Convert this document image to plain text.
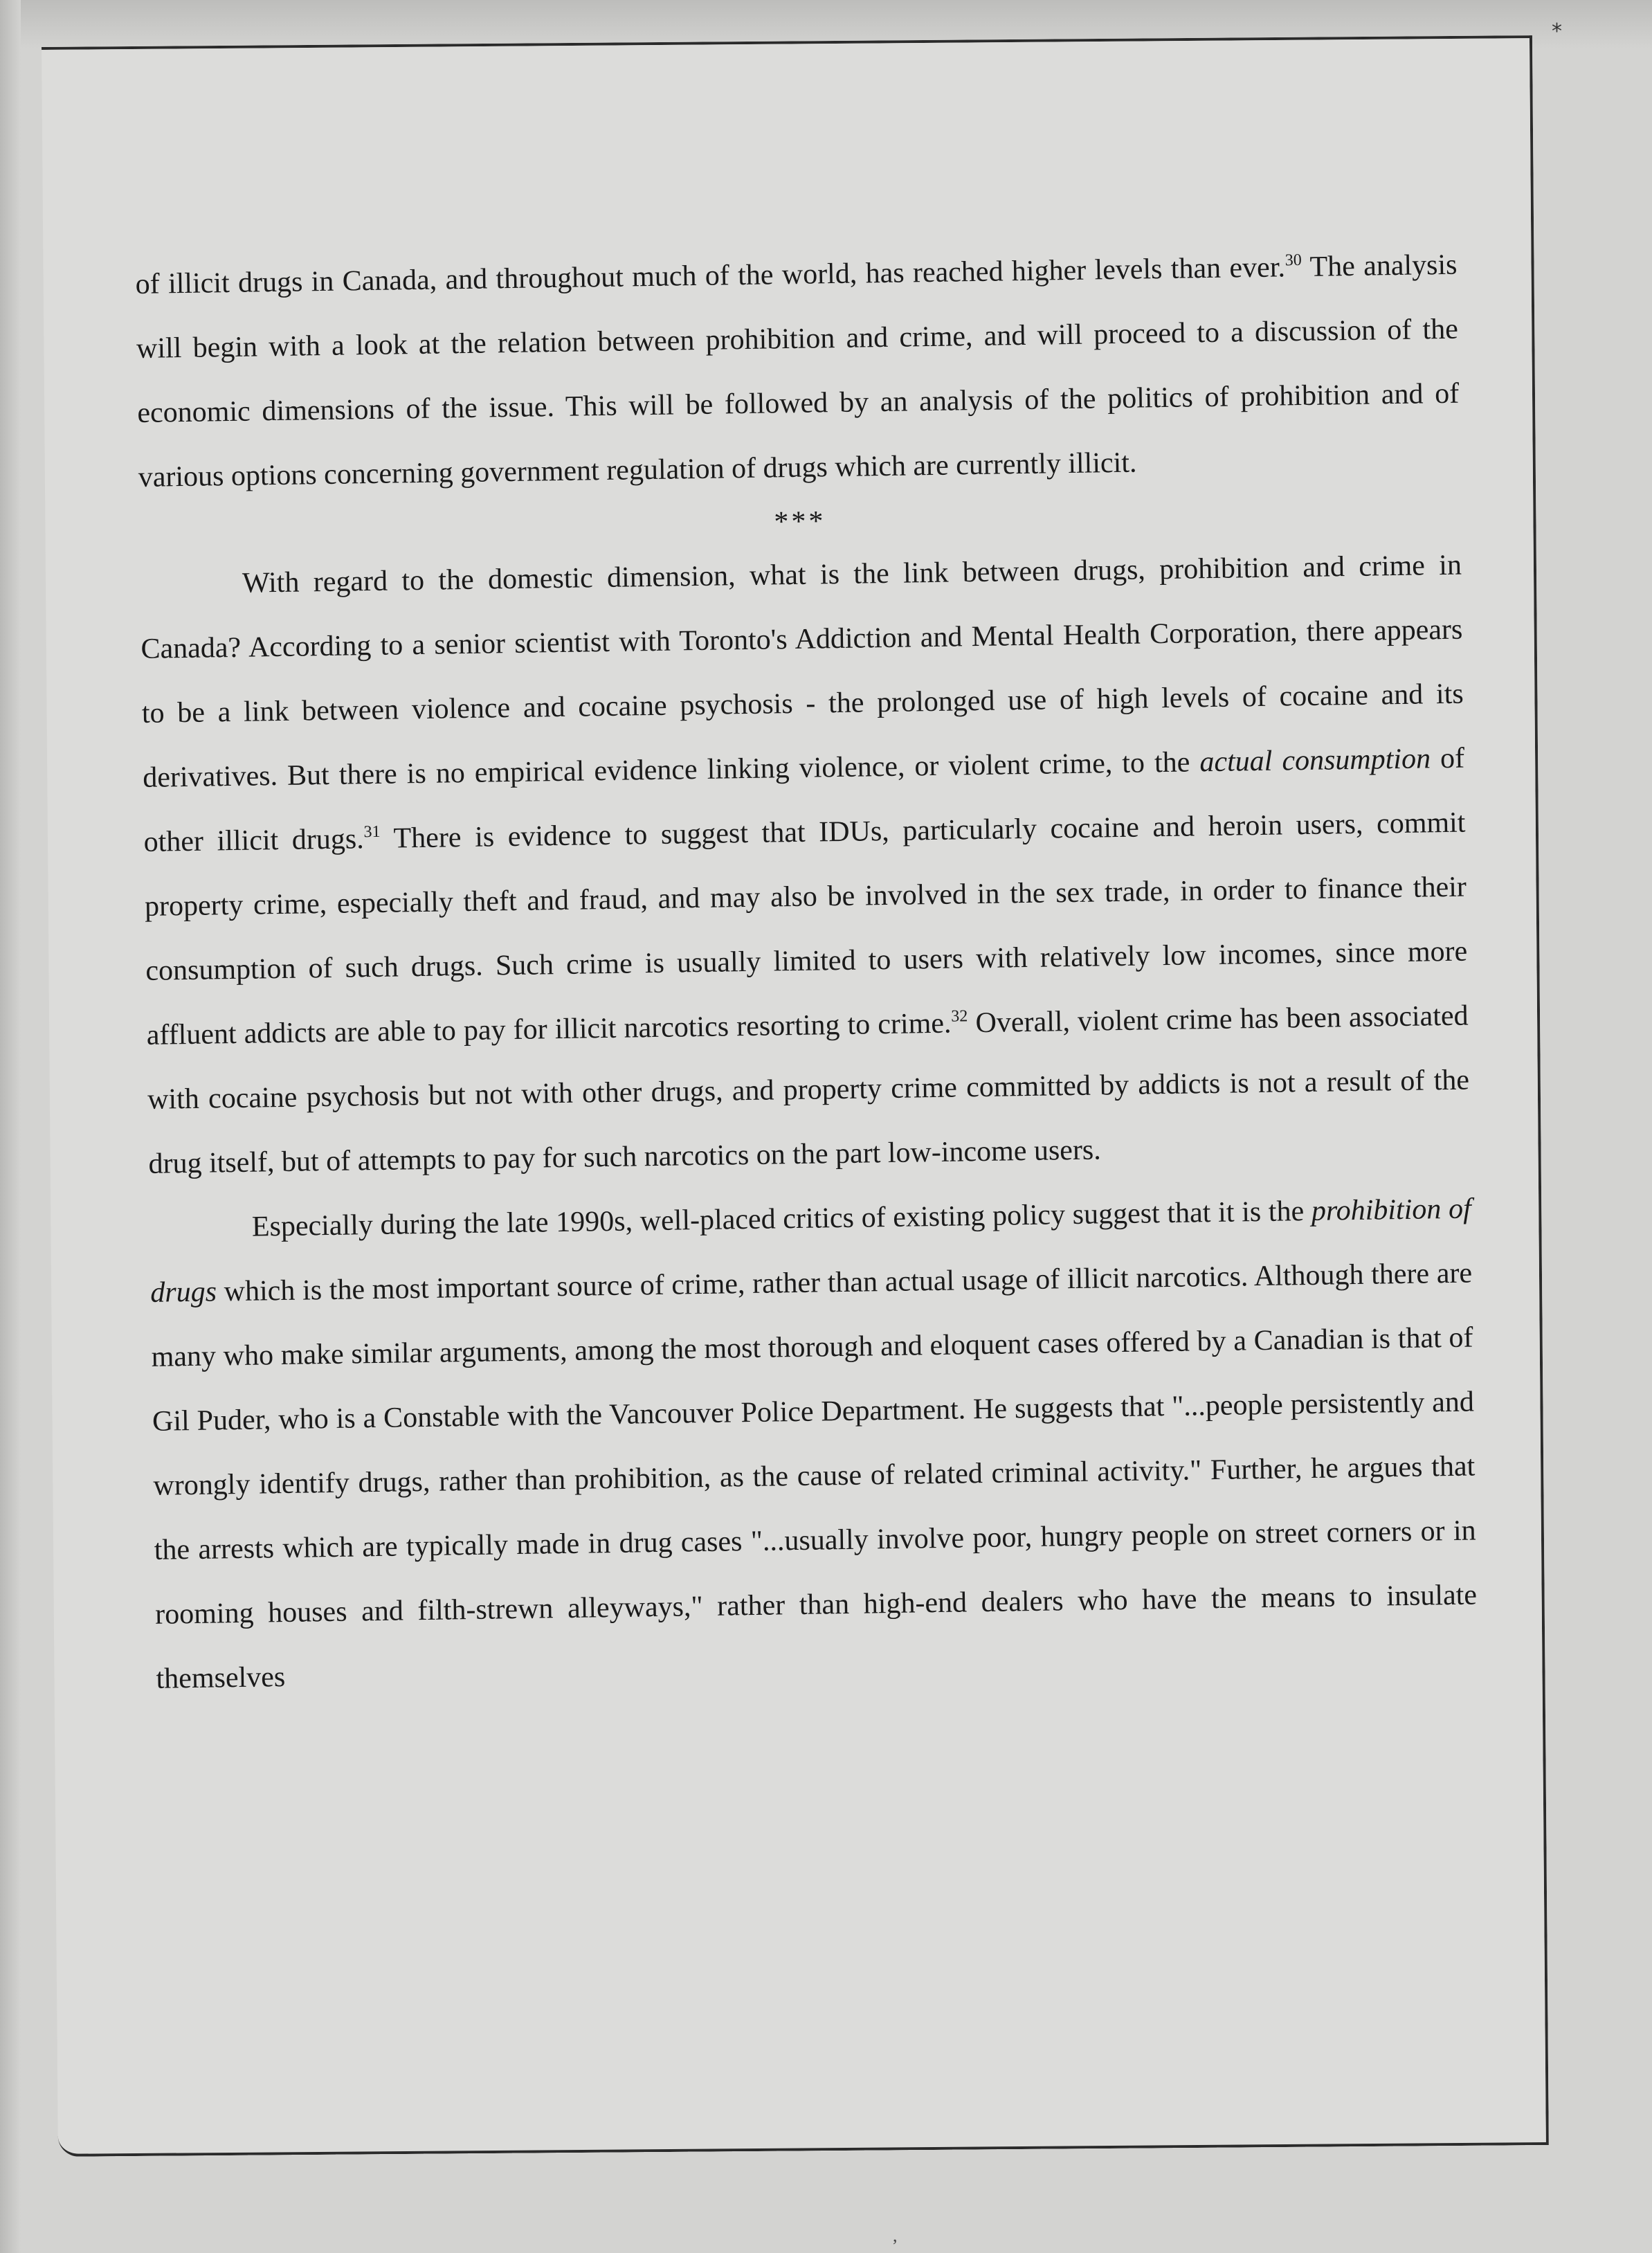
*

of illicit drugs in Canada, and throughout much of the world, has reached higher levels than ever.$^{30}$ The analysis will begin with a look at the relation between prohibition and crime, and will proceed to a discussion of the economic dimensions of the issue. This will be followed by an analysis of the politics of prohibition and of various options concerning government regulation of drugs which are currently illicit.

***

With regard to the domestic dimension, what is the link between drugs, prohibition and crime in Canada? According to a senior scientist with Toronto's Addiction and Mental Health Corporation, there appears to be a link between violence and cocaine psychosis - the prolonged use of high levels of cocaine and its derivatives. But there is no empirical evidence linking violence, or violent crime, to the actual consumption of other illicit drugs.$^{31}$ There is evidence to suggest that IDUs, particularly cocaine and heroin users, commit property crime, especially theft and fraud, and may also be involved in the sex trade, in order to finance their consumption of such drugs. Such crime is usually limited to users with relatively low incomes, since more affluent addicts are able to pay for illicit narcotics resorting to crime.$^{32}$ Overall, violent crime has been associated with cocaine psychosis but not with other drugs, and property crime committed by addicts is not a result of the drug itself, but of attempts to pay for such narcotics on the part low-income users.

Especially during the late 1990s, well-placed critics of existing policy suggest that it is the prohibition of drugs which is the most important source of crime, rather than actual usage of illicit narcotics. Although there are many who make similar arguments, among the most thorough and eloquent cases offered by a Canadian is that of Gil Puder, who is a Constable with the Vancouver Police Department. He suggests that "...people persistently and wrongly identify drugs, rather than prohibition, as the cause of related criminal activity." Further, he argues that the arrests which are typically made in drug cases "...usually involve poor, hungry people on street corners or in rooming houses and filth-strewn alleyways," rather than high-end dealers who have the means to insulate themselves

,
